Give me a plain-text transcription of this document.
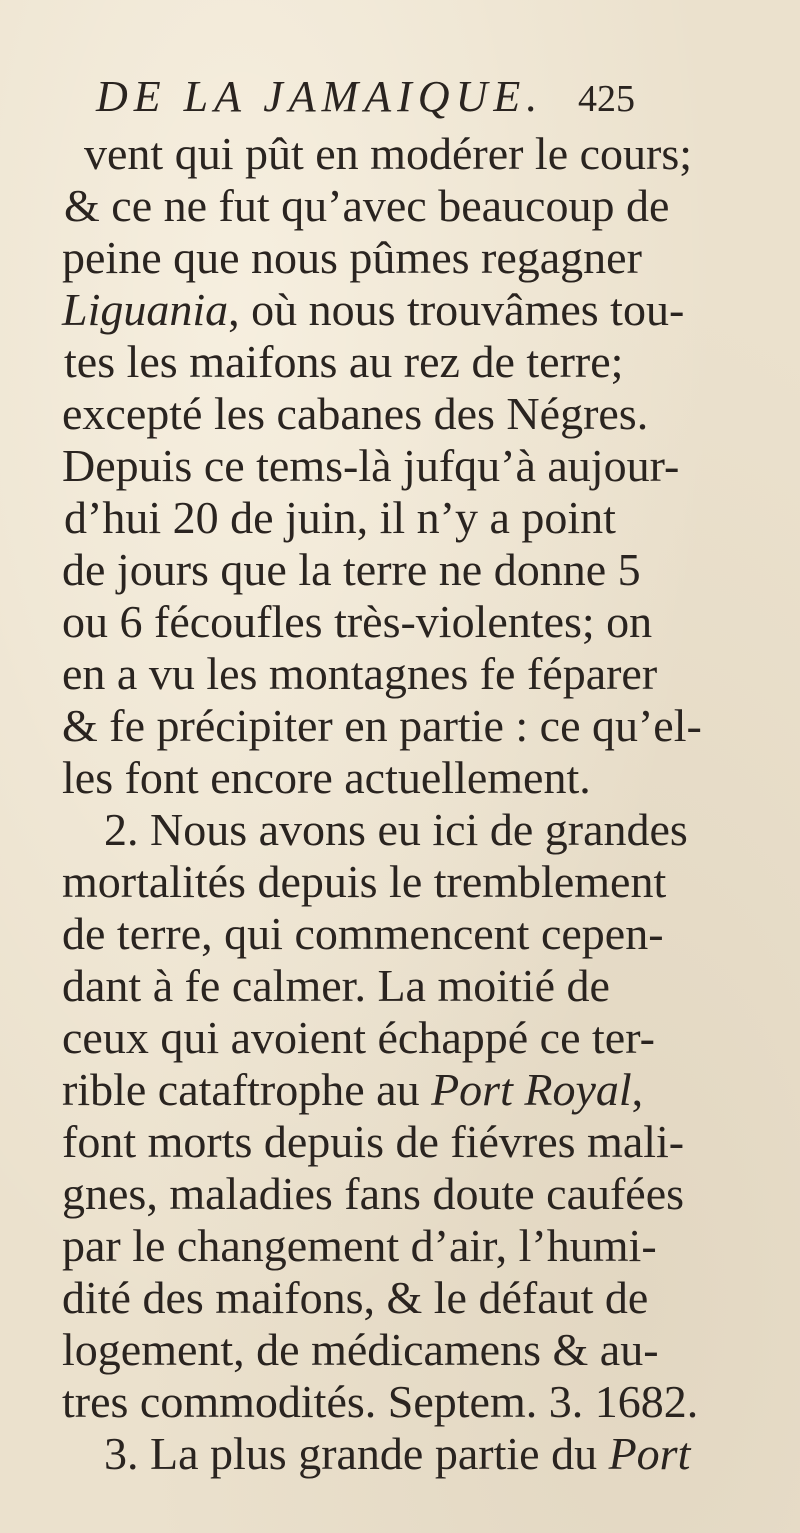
DE LA JAMAIQUE. 425
vent qui pût en modérer le cours;
& ce ne fut qu’avec beaucoup de
peine que nous pûmes regagner
Liguania, où nous trouvâmes tou-
tes les maifons au rez de terre;
excepté les cabanes des Négres.
Depuis ce tems-là jufqu’à aujour-
d’hui 20 de juin, il n’y a point
de jours que la terre ne donne 5
ou 6 fécoufles très-violentes; on
en a vu les montagnes fe féparer
& fe précipiter en partie : ce qu’el-
les font encore actuellement.
2. Nous avons eu ici de grandes
mortalités depuis le tremblement
de terre, qui commencent cepen-
dant à fe calmer. La moitié de
ceux qui avoient échappé ce ter-
rible cataftrophe au Port Royal,
font morts depuis de fiévres mali-
gnes, maladies fans doute caufées
par le changement d’air, l’humi-
dité des maifons, & le défaut de
logement, de médicamens & au-
tres commodités. Septem. 3. 1682.
3. La plus grande partie du Port
